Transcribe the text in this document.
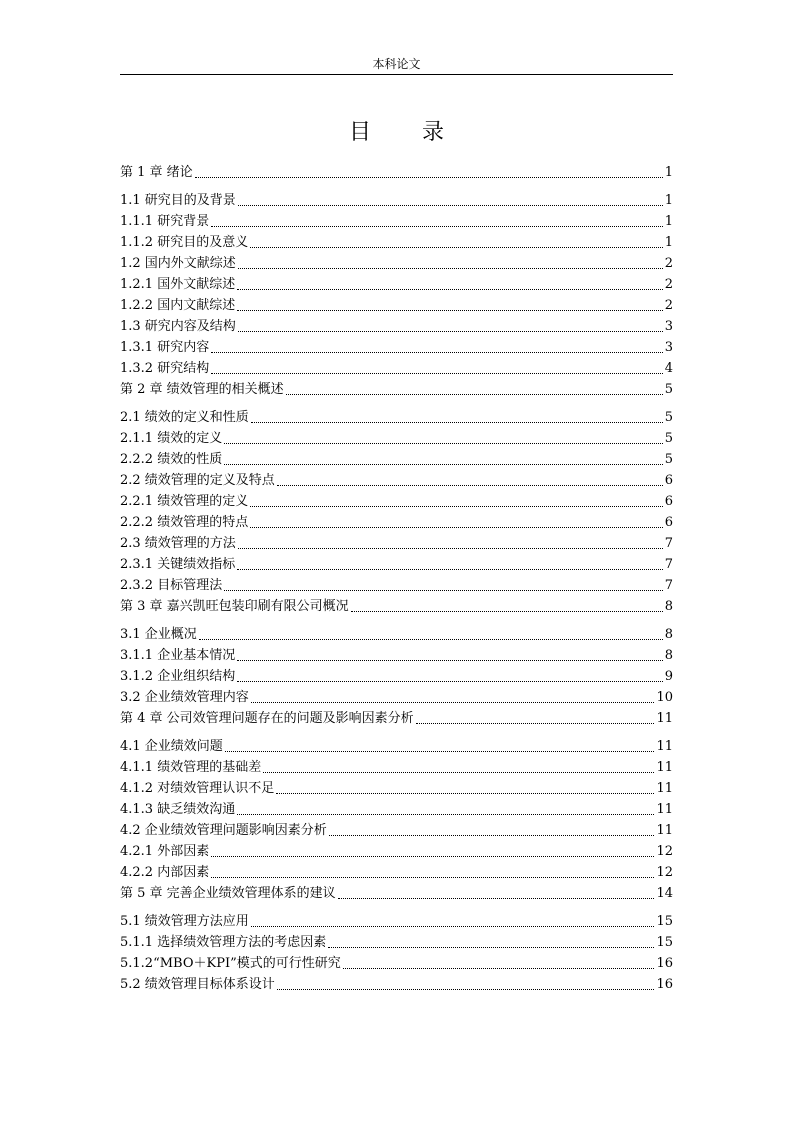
本科论文
目 录
第 1 章 绪论	1
1.1 研究目的及背景	1
1.1.1 研究背景	1
1.1.2 研究目的及意义	1
1.2 国内外文献综述	2
1.2.1 国外文献综述	2
1.2.2 国内文献综述	2
1.3 研究内容及结构	3
1.3.1 研究内容	3
1.3.2 研究结构	4
第 2 章 绩效管理的相关概述	5
2.1 绩效的定义和性质	5
2.1.1 绩效的定义	5
2.2.2 绩效的性质	5
2.2 绩效管理的定义及特点	6
2.2.1 绩效管理的定义	6
2.2.2 绩效管理的特点	6
2.3 绩效管理的方法	7
2.3.1 关键绩效指标	7
2.3.2 目标管理法	7
第 3 章 嘉兴凯旺包装印刷有限公司概况	8
3.1 企业概况	8
3.1.1 企业基本情况	8
3.1.2 企业组织结构	9
3.2 企业绩效管理内容	10
第 4 章 公司效管理问题存在的问题及影响因素分析	11
4.1 企业绩效问题	11
4.1.1 绩效管理的基础差	11
4.1.2 对绩效管理认识不足	11
4.1.3 缺乏绩效沟通	11
4.2 企业绩效管理问题影响因素分析	11
4.2.1 外部因素	12
4.2.2 内部因素	12
第 5 章 完善企业绩效管理体系的建议	14
5.1 绩效管理方法应用	15
5.1.1 选择绩效管理方法的考虑因素	15
5.1.2“MBO＋KPI”模式的可行性研究	16
5.2 绩效管理目标体系设计	16
